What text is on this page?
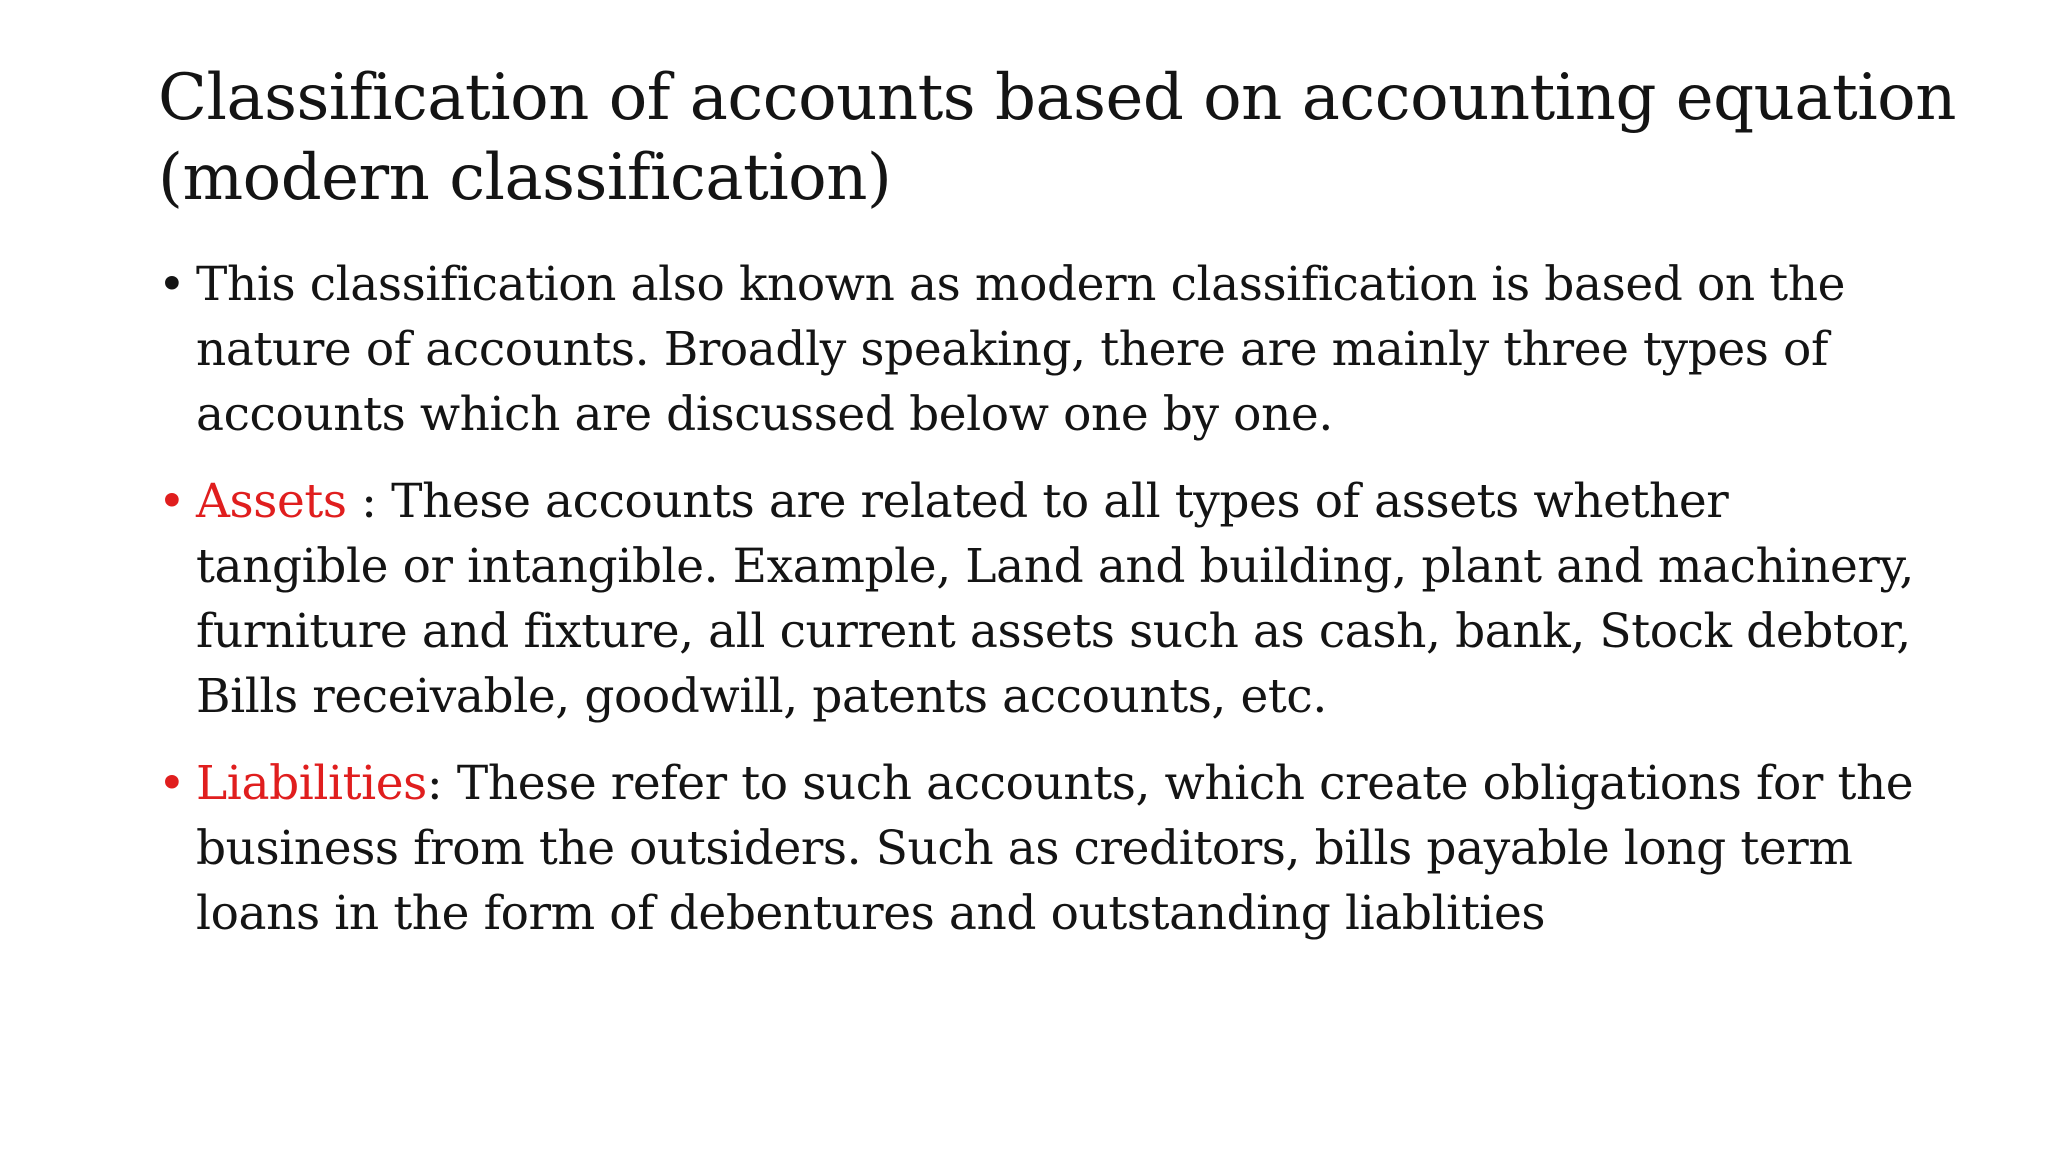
Classification of accounts based on accounting equation
(modern classification)
• This classification also known as modern classification is based on the nature of accounts. Broadly speaking, there are mainly three types of accounts which are discussed below one by one.
• Assets : These accounts are related to all types of assets whether tangible or intangible. Example, Land and building, plant and machinery, furniture and fixture, all current assets such as cash, bank, Stock debtor, Bills receivable, goodwill, patents accounts, etc.
• Liabilities: These refer to such accounts, which create obligations for the business from the outsiders. Such as creditors, bills payable long term loans in the form of debentures and outstanding liablities
